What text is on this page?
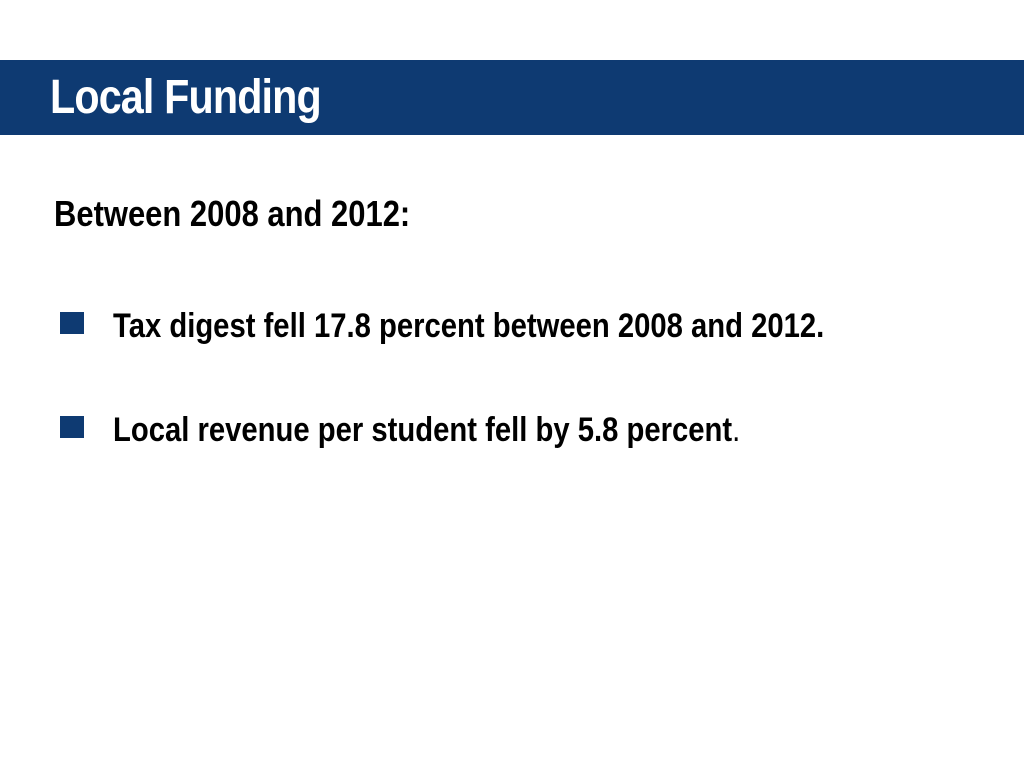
Local Funding

Between 2008 and 2012:

Tax digest fell 17.8 percent between 2008 and 2012.
Local revenue per student fell by 5.8 percent.
